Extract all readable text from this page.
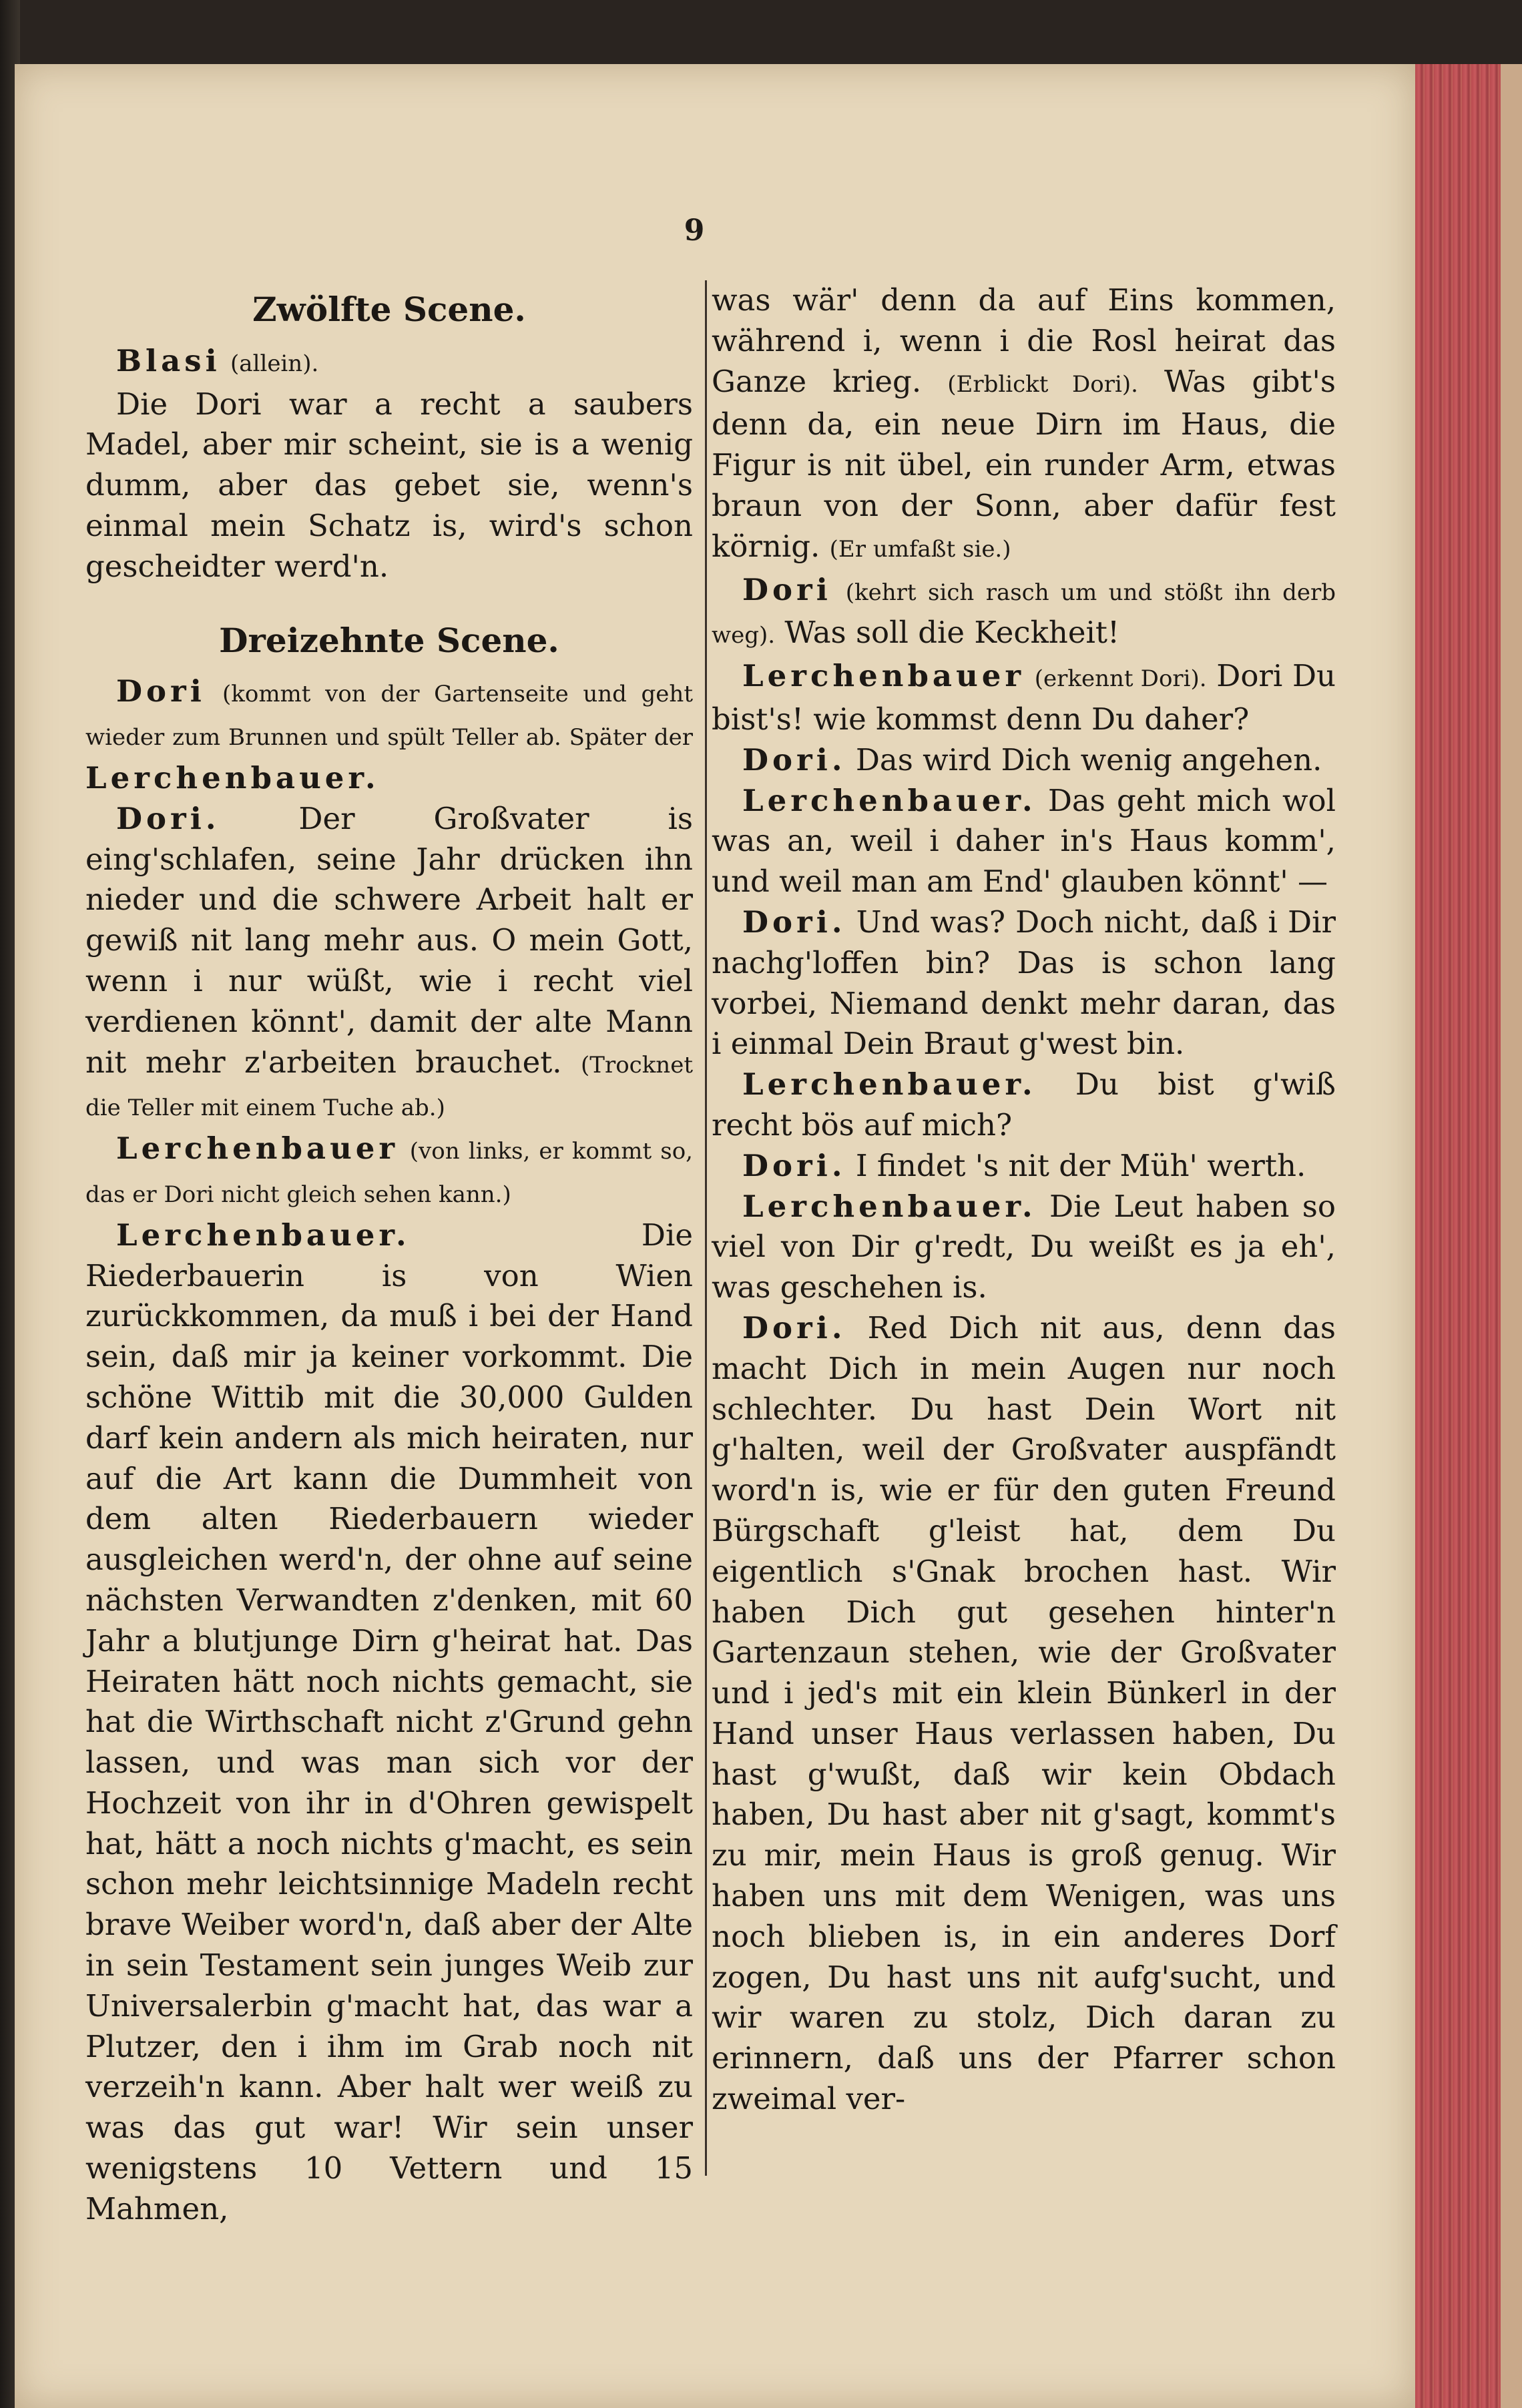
9
Zwölfte Scene.

Blasi (allein).

Die Dori war a recht a saubers Madel, aber mir scheint, sie is a wenig dumm, aber das gebet sie, wenn's einmal mein Schatz is, wird's schon gescheidter werd'n.

Dreizehnte Scene.

Dori (kommt von der Gartenseite und geht wieder zum Brunnen und spült Teller ab. Später der Lerchenbauer.

Dori.	Der Großvater is eing'schlafen, seine Jahr drücken ihn nieder und die schwere Arbeit halt er gewiß nit lang mehr aus. O mein Gott, wenn i nur wüßt, wie i recht viel verdienen könnt', damit der alte Mann nit mehr z'arbeiten brauchet. (Trocknet die Teller mit einem Tuche ab.)

Lerchenbauer (von links, er kommt so, das er Dori nicht gleich sehen kann.)

Lerchenbauer.	Die Riederbauerin is von Wien zurückkommen, da muß i bei der Hand sein, daß mir ja keiner vorkommt. Die schöne Wittib mit die 30,000 Gulden darf kein andern als mich heiraten, nur auf die Art kann die Dummheit von dem alten Riederbauern wieder ausgleichen werd'n, der ohne auf seine nächsten Verwandten z'denken, mit 60 Jahr a blutjunge Dirn g'heirat hat. Das Heiraten hätt noch nichts gemacht, sie hat die Wirthschaft nicht z'Grund gehn lassen, und was man sich vor der Hochzeit von ihr in d'Ohren gewispelt hat, hätt a noch nichts g'macht, es sein schon mehr leichtsinnige Madeln recht brave Weiber word'n, daß aber der Alte in sein Testament sein junges Weib zur Universalerbin g'macht hat, das war a Plutzer, den i ihm im Grab noch nit verzeih'n kann. Aber halt wer weiß zu was das gut war! Wir sein unser wenigstens 10 Vettern und 15 Mahmen,

was wär' denn da auf Eins kommen, während i, wenn i die Rosl heirat das Ganze krieg. (Erblickt Dori). Was gibt's denn da, ein neue Dirn im Haus, die Figur is nit übel, ein runder Arm, etwas braun von der Sonn, aber dafür fest körnig. (Er umfaßt sie.)

Dori (kehrt sich rasch um und stößt ihn derb weg). Was soll die Keckheit!

Lerchenbauer (erkennt Dori). Dori Du bist's! wie kommst denn Du daher?

Dori. Das wird Dich wenig angehen.

Lerchenbauer. Das geht mich wol was an, weil i daher in's Haus komm', und weil man am End' glauben könnt' —

Dori. Und was? Doch nicht, daß i Dir nachg'loffen bin? Das is schon lang vorbei, Niemand denkt mehr daran, das i einmal Dein Braut g'west bin.

Lerchenbauer. Du bist g'wiß recht bös auf mich?

Dori. I findet 's nit der Müh' werth.

Lerchenbauer. Die Leut haben so viel von Dir g'redt, Du weißt es ja eh', was geschehen is.

Dori. Red Dich nit aus, denn das macht Dich in mein Augen nur noch schlechter. Du hast Dein Wort nit g'halten, weil der Großvater auspfändt word'n is, wie er für den guten Freund Bürgschaft g'leist hat, dem Du eigentlich s'Gnak brochen hast. Wir haben Dich gut gesehen hinter'n Gartenzaun stehen, wie der Großvater und i jed's mit ein klein Bünkerl in der Hand unser Haus verlassen haben, Du hast g'wußt, daß wir kein Obdach haben, Du hast aber nit g'sagt, kommt's zu mir, mein Haus is groß genug. Wir haben uns mit dem Wenigen, was uns noch blieben is, in ein anderes Dorf zogen, Du hast uns nit aufg'sucht, und wir waren zu stolz, Dich daran zu erinnern, daß uns der Pfarrer schon zweimal ver-
